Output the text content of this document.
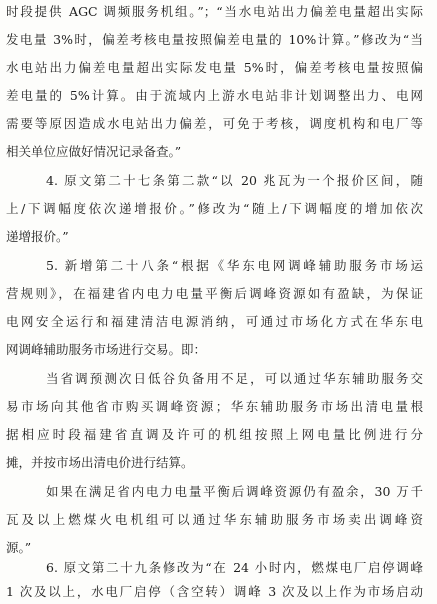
时段提供 AGC 调频服务机组。”；“当水电站出力偏差电量超出实际

发电量 3%时，偏差考核电量按照偏差电量的 10%计算。”修改为“当

水电站出力偏差电量超出实际发电量 5%时，偏差考核电量按照偏

差电量的 5%计算。由于流域内上游水电站非计划调整出力、电网

需要等原因造成水电站出力偏差，可免于考核，调度机构和电厂等

相关单位应做好情况记录备查。”

4. 原文第二十七条第二款“以 20 兆瓦为一个报价区间，随

上/下调幅度依次递增报价。”修改为“随上/下调幅度的增加依次

递增报价。”

5. 新增第二十八条“根据《华东电网调峰辅助服务市场运

营规则》，在福建省内电力电量平衡后调峰资源如有盈缺，为保证

电网安全运行和福建清洁电源消纳，可通过市场化方式在华东电

网调峰辅助服务市场进行交易。即：

当省调预测次日低谷负备用不足，可以通过华东辅助服务交

易市场向其他省市购买调峰资源；华东辅助服务市场出清电量根

据相应时段福建省直调及许可的机组按照上网电量比例进行分

摊，并按市场出清电价进行结算。

如果在满足省内电力电量平衡后调峰资源仍有盈余，30 万千

瓦及以上燃煤火电机组可以通过华东辅助服务市场卖出调峰资

源。”

6. 原文第二十九条修改为“在 24 小时内，燃煤电厂启停调峰

1 次及以上，水电厂启停（含空转）调峰 3 次及以上作为市场启动
